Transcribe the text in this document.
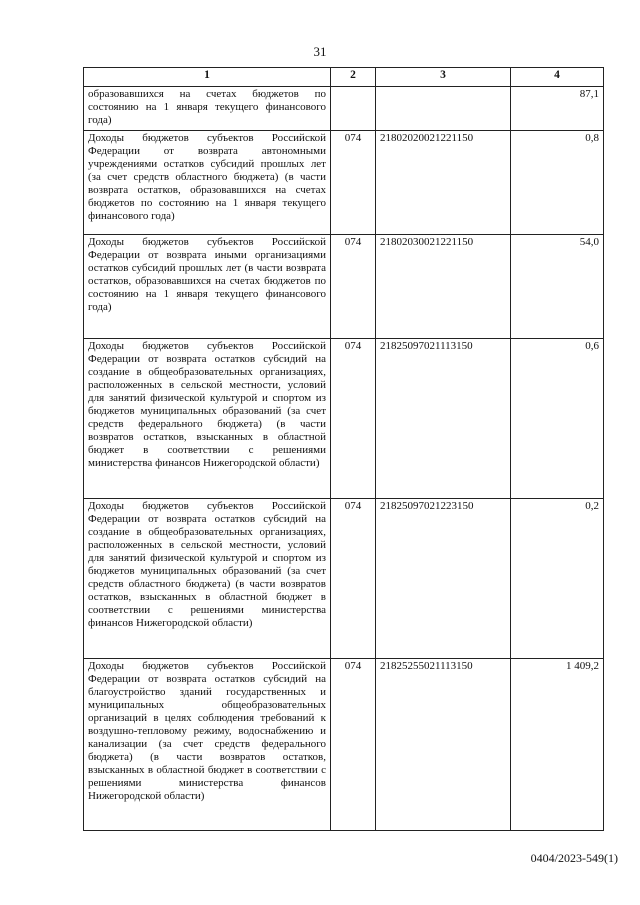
31
1	2	3	4
образовавшихся на счетах бюджетов по состоянию на 1 января текущего финансового года)			87,1
Доходы бюджетов субъектов Российской Федерации от возврата автономными учреждениями остатков субсидий прошлых лет (за счет средств областного бюджета) (в части возврата остатков, образовавшихся на счетах бюджетов по состоянию на 1 января текущего финансового года)	074	21802020021221150	0,8
Доходы бюджетов субъектов Российской Федерации от возврата иными организациями остатков субсидий прошлых лет (в части возврата остатков, образовавшихся на счетах бюджетов по состоянию на 1 января текущего финансового года)	074	21802030021221150	54,0
Доходы бюджетов субъектов Российской Федерации от возврата остатков субсидий на создание в общеобразовательных организациях, расположенных в сельской местности, условий для занятий физической культурой и спортом из бюджетов муниципальных образований (за счет средств федерального бюджета) (в части возвратов остатков, взысканных в областной бюджет в соответствии с решениями министерства финансов Нижегородской области)	074	21825097021113150	0,6
Доходы бюджетов субъектов Российской Федерации от возврата остатков субсидий на создание в общеобразовательных организациях, расположенных в сельской местности, условий для занятий физической культурой и спортом из бюджетов муниципальных образований (за счет средств областного бюджета) (в части возвратов остатков, взысканных в областной бюджет в соответствии с решениями министерства финансов Нижегородской области)	074	21825097021223150	0,2
Доходы бюджетов субъектов Российской Федерации от возврата остатков субсидий на благоустройство зданий государственных и муниципальных общеобразовательных организаций в целях соблюдения требований к воздушно-тепловому режиму, водоснабжению и канализации (за счет средств федерального бюджета) (в части возвратов остатков, взысканных в областной бюджет в соответствии с решениями министерства финансов Нижегородской области)	074	21825255021113150	1 409,2
0404/2023-549(1)
